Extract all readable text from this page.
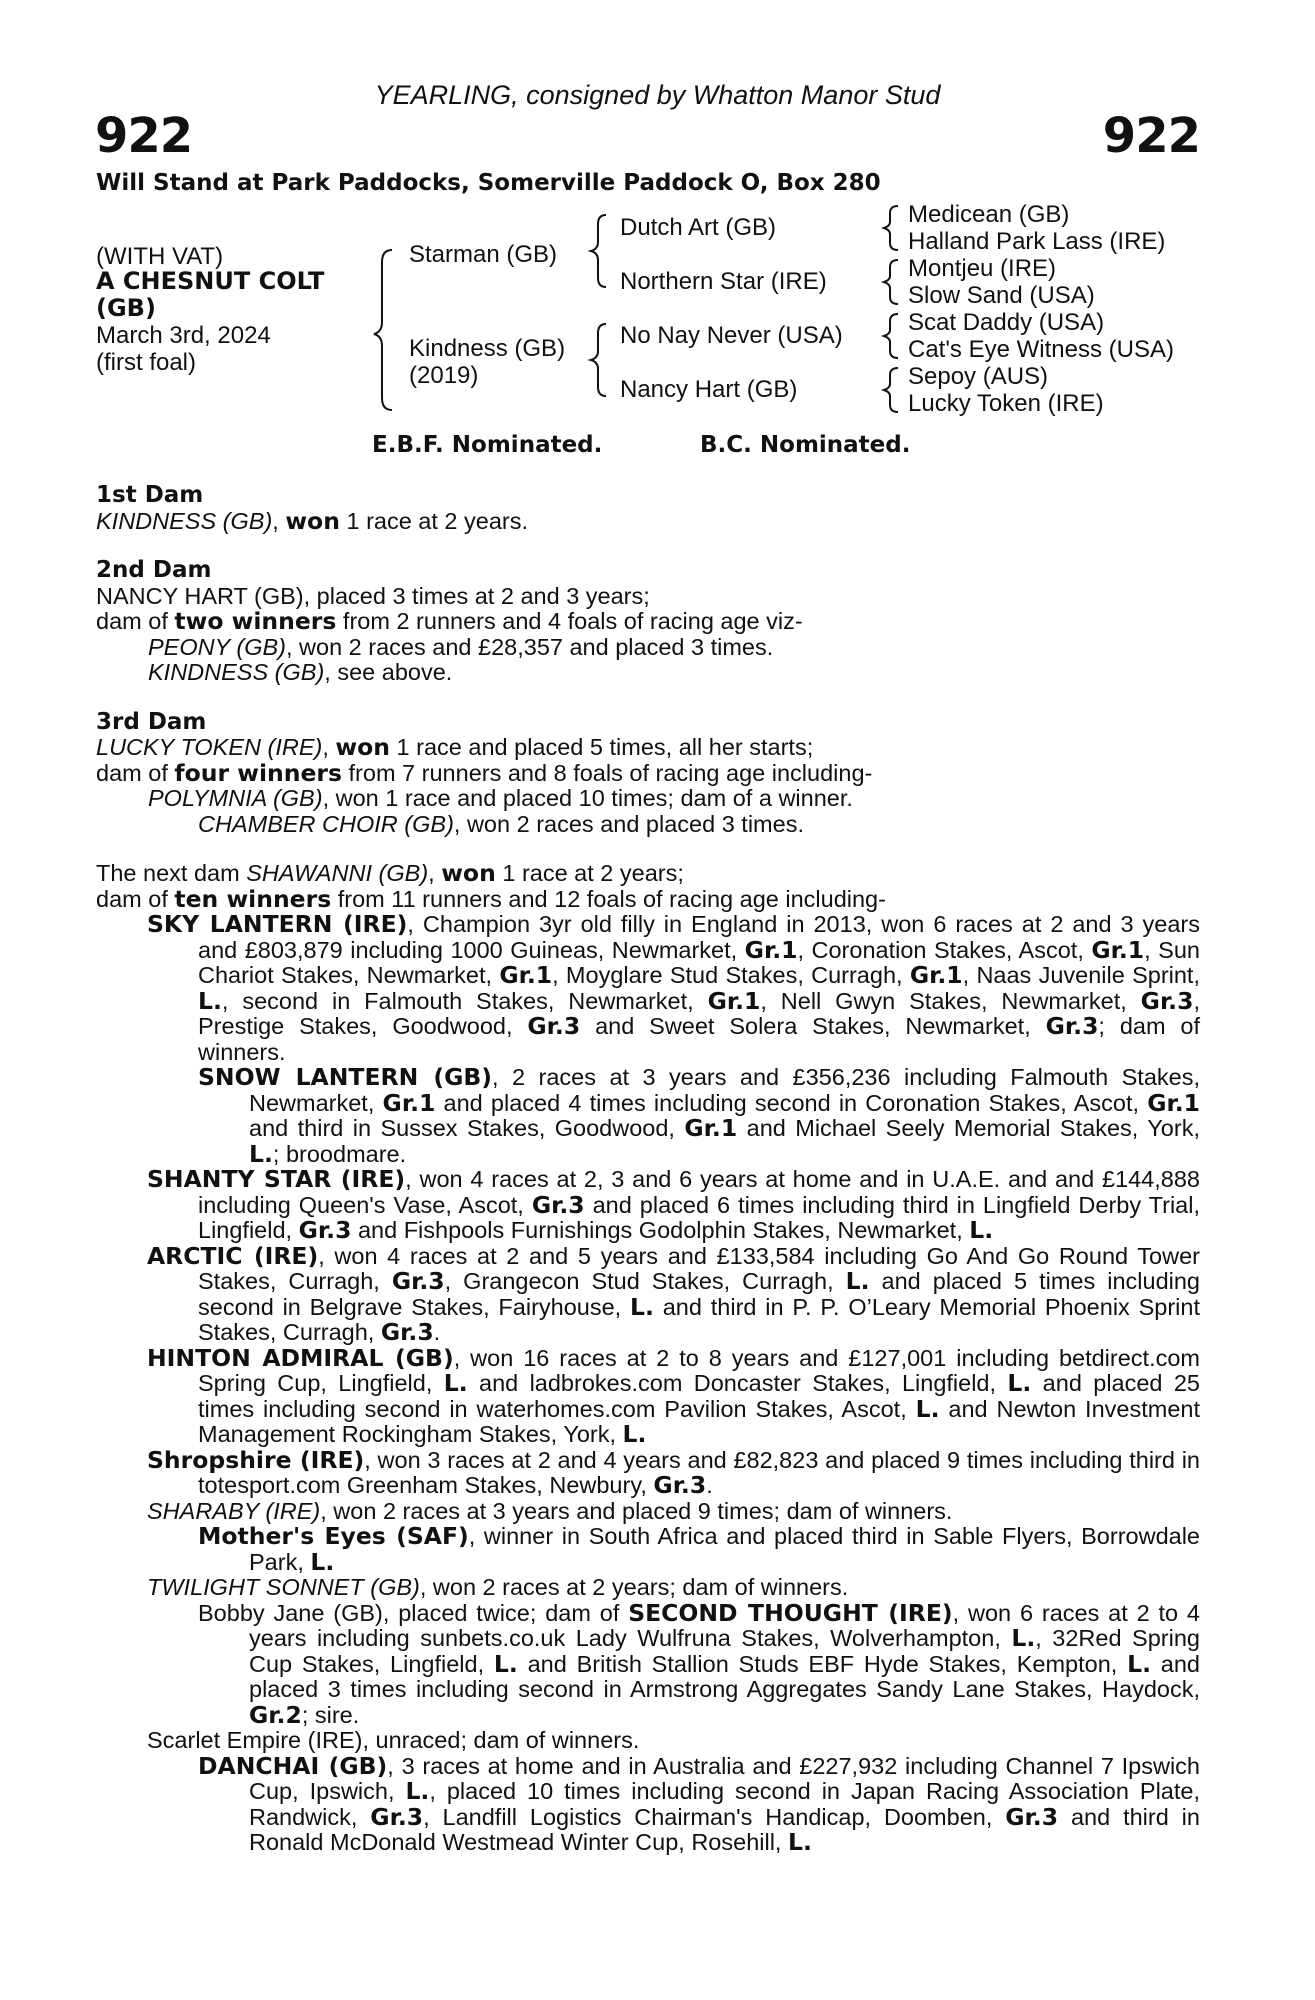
YEARLING, consigned by Whatton Manor Stud
922	922
Will Stand at Park Paddocks, Somerville Paddock O, Box 280
(WITH VAT)
A CHESNUT COLT
(GB)
March 3rd, 2024
(first foal)
Starman (GB)
Kindness (GB)
(2019)
Dutch Art (GB)
Northern Star (IRE)
No Nay Never (USA)
Nancy Hart (GB)
Medicean (GB)
Halland Park Lass (IRE)
Montjeu (IRE)
Slow Sand (USA)
Scat Daddy (USA)
Cat's Eye Witness (USA)
Sepoy (AUS)
Lucky Token (IRE)
E.B.F. Nominated.	B.C. Nominated.

1st Dam

KINDNESS (GB), won 1 race at 2 years.

2nd Dam

NANCY HART (GB), placed 3 times at 2 and 3 years;

dam of two winners from 2 runners and 4 foals of racing age viz-

PEONY (GB), won 2 races and £28,357 and placed 3 times.

KINDNESS (GB), see above.

3rd Dam

LUCKY TOKEN (IRE), won 1 race and placed 5 times, all her starts;

dam of four winners from 7 runners and 8 foals of racing age including-

POLYMNIA (GB), won 1 race and placed 10 times; dam of a winner.

CHAMBER CHOIR (GB), won 2 races and placed 3 times.

The next dam SHAWANNI (GB), won 1 race at 2 years;

dam of ten winners from 11 runners and 12 foals of racing age including-

SKY LANTERN (IRE), Champion 3yr old filly in England in 2013, won 6 races at 2 and 3 years and £803,879 including 1000 Guineas, Newmarket, Gr.1, Coronation Stakes, Ascot, Gr.1, Sun Chariot Stakes, Newmarket, Gr.1, Moyglare Stud Stakes, Curragh, Gr.1, Naas Juvenile Sprint, L., second in Falmouth Stakes, Newmarket, Gr.1, Nell Gwyn Stakes, Newmarket, Gr.3, Prestige Stakes, Goodwood, Gr.3 and Sweet Solera Stakes, Newmarket, Gr.3; dam of winners.

SNOW LANTERN (GB), 2 races at 3 years and £356,236 including Falmouth Stakes, Newmarket, Gr.1 and placed 4 times including second in Coronation Stakes, Ascot, Gr.1 and third in Sussex Stakes, Goodwood, Gr.1 and Michael Seely Memorial Stakes, York, L.; broodmare.

SHANTY STAR (IRE), won 4 races at 2, 3 and 6 years at home and in U.A.E. and and £144,888 including Queen's Vase, Ascot, Gr.3 and placed 6 times including third in Lingfield Derby Trial, Lingfield, Gr.3 and Fishpools Furnishings Godolphin Stakes, Newmarket, L.

ARCTIC (IRE), won 4 races at 2 and 5 years and £133,584 including Go And Go Round Tower Stakes, Curragh, Gr.3, Grangecon Stud Stakes, Curragh, L. and placed 5 times including second in Belgrave Stakes, Fairyhouse, L. and third in P. P. O’Leary Memorial Phoenix Sprint Stakes, Curragh, Gr.3.

HINTON ADMIRAL (GB), won 16 races at 2 to 8 years and £127,001 including betdirect.com Spring Cup, Lingfield, L. and ladbrokes.com Doncaster Stakes, Lingfield, L. and placed 25 times including second in waterhomes.com Pavilion Stakes, Ascot, L. and Newton Investment Management Rockingham Stakes, York, L.

Shropshire (IRE), won 3 races at 2 and 4 years and £82,823 and placed 9 times including third in totesport.com Greenham Stakes, Newbury, Gr.3.

SHARABY (IRE), won 2 races at 3 years and placed 9 times; dam of winners.

Mother's Eyes (SAF), winner in South Africa and placed third in Sable Flyers, Borrowdale Park, L.

TWILIGHT SONNET (GB), won 2 races at 2 years; dam of winners.

Bobby Jane (GB), placed twice; dam of SECOND THOUGHT (IRE), won 6 races at 2 to 4 years including sunbets.co.uk Lady Wulfruna Stakes, Wolverhampton, L., 32Red Spring Cup Stakes, Lingfield, L. and British Stallion Studs EBF Hyde Stakes, Kempton, L. and placed 3 times including second in Armstrong Aggregates Sandy Lane Stakes, Haydock, Gr.2; sire.

Scarlet Empire (IRE), unraced; dam of winners.

DANCHAI (GB), 3 races at home and in Australia and £227,932 including Channel 7 Ipswich Cup, Ipswich, L., placed 10 times including second in Japan Racing Association Plate, Randwick, Gr.3, Landfill Logistics Chairman's Handicap, Doomben, Gr.3 and third in Ronald McDonald Westmead Winter Cup, Rosehill, L.
